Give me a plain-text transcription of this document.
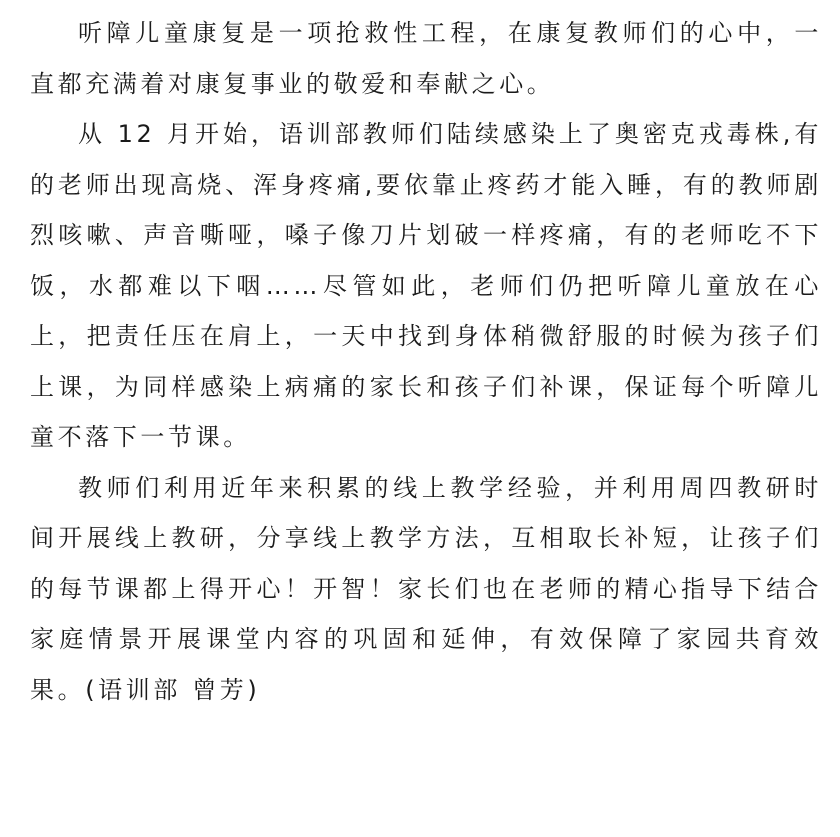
听障儿童康复是一项抢救性工程，在康复教师们的心中，一直都充满着对康复事业的敬爱和奉献之心。

从 12 月开始，语训部教师们陆续感染上了奥密克戎毒株,有的老师出现高烧、浑身疼痛,要依靠止疼药才能入睡，有的教师剧烈咳嗽、声音嘶哑，嗓子像刀片划破一样疼痛，有的老师吃不下饭，水都难以下咽……尽管如此，老师们仍把听障儿童放在心上，把责任压在肩上，一天中找到身体稍微舒服的时候为孩子们上课，为同样感染上病痛的家长和孩子们补课，保证每个听障儿童不落下一节课。

教师们利用近年来积累的线上教学经验，并利用周四教研时间开展线上教研，分享线上教学方法，互相取长补短，让孩子们的每节课都上得开心！开智！家长们也在老师的精心指导下结合家庭情景开展课堂内容的巩固和延伸，有效保障了家园共育效果。(语训部 曾芳)
